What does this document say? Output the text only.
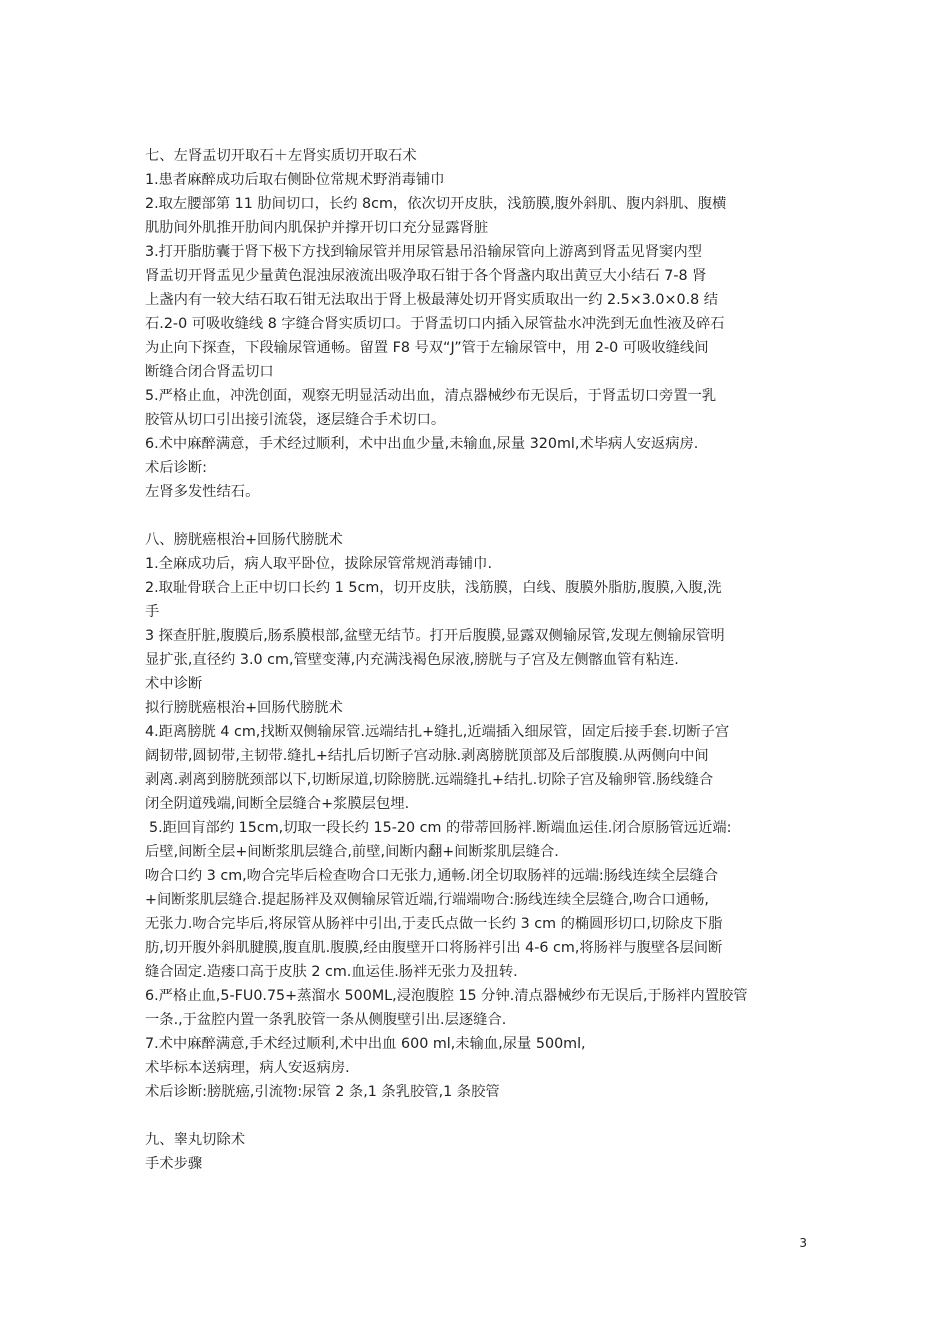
七、左肾盂切开取石＋左肾实质切开取石术
1.患者麻醉成功后取右侧卧位常规术野消毒铺巾
2.取左腰部第 11 肋间切口，长约 8cm，依次切开皮肤，浅筋膜,腹外斜肌、腹内斜肌、腹横
肌肋间外肌推开肋间内肌保护并撑开切口充分显露肾脏
3.打开脂肪囊于肾下极下方找到输尿管并用尿管悬吊沿输尿管向上游离到肾盂见肾窦内型
肾盂切开肾盂见少量黄色混浊尿液流出吸净取石钳于各个肾盏内取出黄豆大小结石 7-8 肾
上盏内有一较大结石取石钳无法取出于肾上极最薄处切开肾实质取出一约 2.5×3.0×0.8 结
石.2-0 可吸收缝线 8 字缝合肾实质切口。于肾盂切口内插入尿管盐水冲洗到无血性液及碎石
为止向下探查，下段输尿管通畅。留置 F8 号双“J”管于左输尿管中，用 2-0 可吸收缝线间
断缝合闭合肾盂切口
5.严格止血，冲洗创面，观察无明显活动出血，清点器械纱布无误后，于肾盂切口旁置一乳
胶管从切口引出接引流袋，逐层缝合手术切口。
6.术中麻醉满意，手术经过顺利，术中出血少量,未输血,尿量 320ml,术毕病人安返病房.
术后诊断:
左肾多发性结石。
八、膀胱癌根治+回肠代膀胱术
1.全麻成功后，病人取平卧位，拔除尿管常规消毒铺巾.
2.取耻骨联合上正中切口长约 1 5cm，切开皮肤，浅筋膜，白线、腹膜外脂肪,腹膜,入腹,洗
手
3 探查肝脏,腹膜后,肠系膜根部,盆壁无结节。打开后腹膜,显露双侧输尿管,发现左侧输尿管明
显扩张,直径约 3.0 cm,管壁变薄,内充满浅褐色尿液,膀胱与子宫及左侧髂血管有粘连.
术中诊断
拟行膀胱癌根治+回肠代膀胱术
4.距离膀胱 4 cm,找断双侧输尿管.远端结扎+缝扎,近端插入细尿管，固定后接手套.切断子宫
阔韧带,圆韧带,主韧带.缝扎+结扎后切断子宫动脉.剥离膀胱顶部及后部腹膜.从两侧向中间
剥离.剥离到膀胱颈部以下,切断尿道,切除膀胱.远端缝扎+结扎.切除子宫及输卵管.肠线缝合
闭全阴道残端,间断全层缝合+浆膜层包埋.
5.距回肓部约 15cm,切取一段长约 15-20 cm 的带蒂回肠袢.断端血运佳.闭合原肠管远近端:
后壁,间断全层+间断浆肌层缝合,前壁,间断内翻+间断浆肌层缝合.
吻合口约 3 cm,吻合完毕后检查吻合口无张力,通畅.闭全切取肠袢的远端:肠线连续全层缝合
+间断浆肌层缝合.提起肠袢及双侧输尿管近端,行端端吻合:肠线连续全层缝合,吻合口通畅,
无张力.吻合完毕后,将尿管从肠袢中引出,于麦氏点做一长约 3 cm 的椭圆形切口,切除皮下脂
肪,切开腹外斜肌腱膜,腹直肌.腹膜,经由腹壁开口将肠袢引出 4-6 cm,将肠袢与腹壁各层间断
缝合固定.造瘘口高于皮肤 2 cm.血运佳.肠袢无张力及扭转.
6.严格止血,5-FU0.75+蒸溜水 500ML,浸泡腹腔 15 分钟.清点器械纱布无误后,于肠袢内置胶管
一条.,于盆腔内置一条乳胶管一条从侧腹壁引出.层逐缝合.
7.术中麻醉满意,手术经过顺利,术中出血 600 ml,未输血,尿量 500ml,
术毕标本送病理，病人安返病房.
术后诊断:膀胱癌,引流物:尿管 2 条,1 条乳胶管,1 条胶管
九、睾丸切除术
手术步骤
3
